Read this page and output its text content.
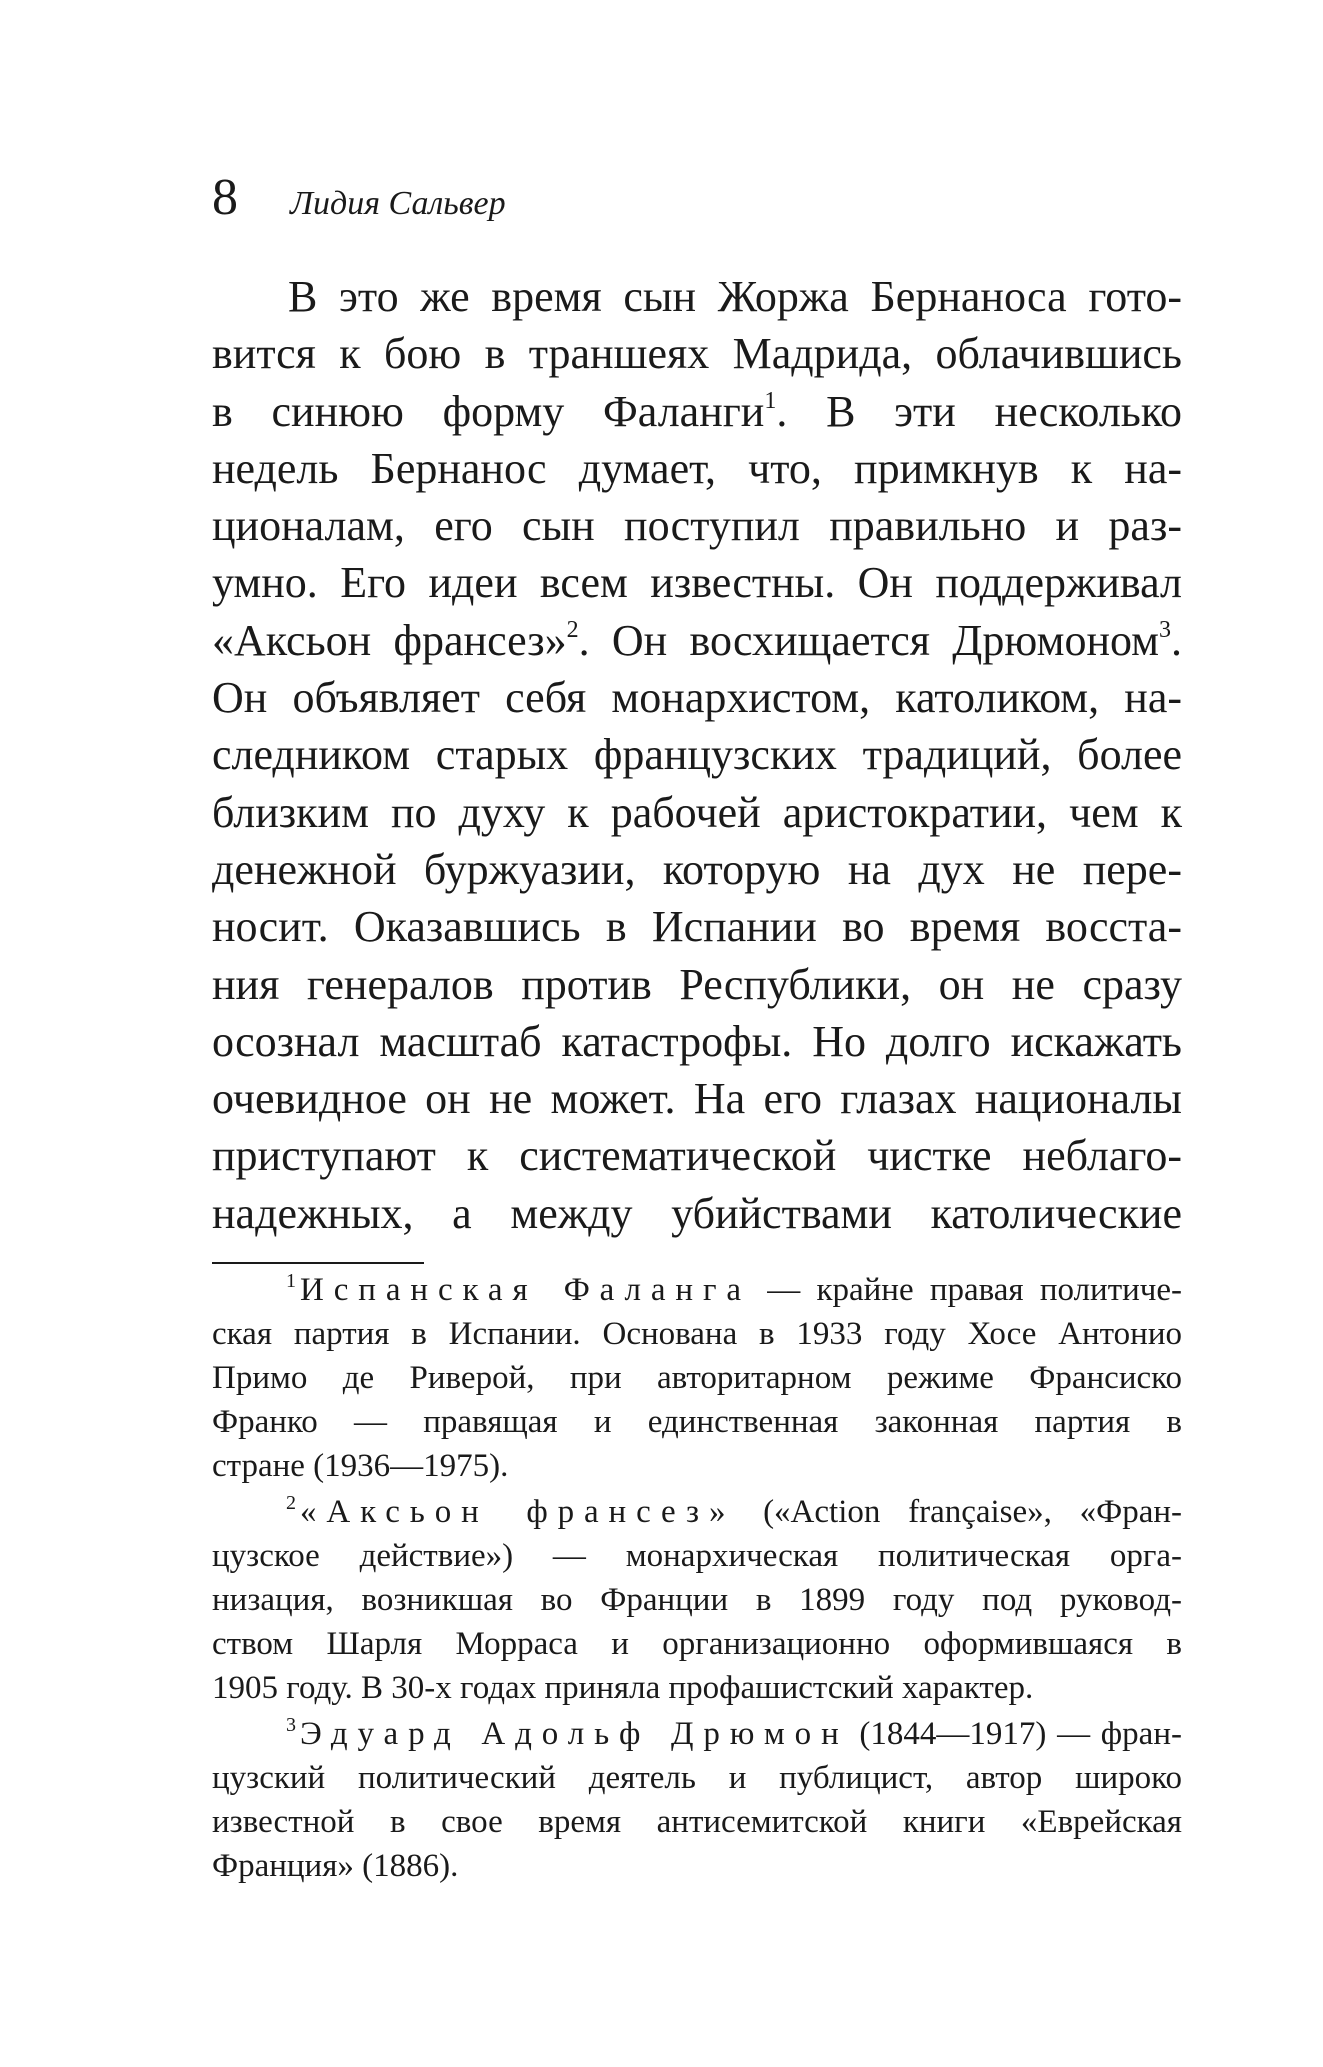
8 Лидия Сальвер
В это же время сын Жоржа Бернаноса гото-
вится к бою в траншеях Мадрида, облачившись
в синюю форму Фаланги$^1$. В эти несколько
недель Бернанос думает, что, примкнув к на-
ционалам, его сын поступил правильно и раз-
умно. Его идеи всем известны. Он поддерживал
«Аксьон франсез»$^2$. Он восхищается Дрюмоном$^3$.
Он объявляет себя монархистом, католиком, на-
следником старых французских традиций, более
близким по духу к рабочей аристократии, чем к
денежной буржуазии, которую на дух не пере-
носит. Оказавшись в Испании во время восста-
ния генералов против Республики, он не сразу
осознал масштаб катастрофы. Но долго искажать
очевидное он не может. На его глазах националы
приступают к систематической чистке неблаго-
надежных, а между убийствами католические
$^1$ Испанская Фаланга — крайне правая политиче-
ская партия в Испании. Основана в 1933 году Хосе Антонио
Примо де Риверой, при авторитарном режиме Франсиско
Франко — правящая и единственная законная партия в
стране (1936—1975).
$^2$ «Аксьон франсез» («Action française», «Фран-
цузское действие») — монархическая политическая орга-
низация, возникшая во Франции в 1899 году под руковод-
ством Шарля Морраса и организационно оформившаяся в
1905 году. В 30-х годах приняла профашистский характер.
$^3$ Эдуард Адольф Дрюмон (1844—1917) — фран-
цузский политический деятель и публицист, автор широко
известной в свое время антисемитской книги «Еврейская
Франция» (1886).
